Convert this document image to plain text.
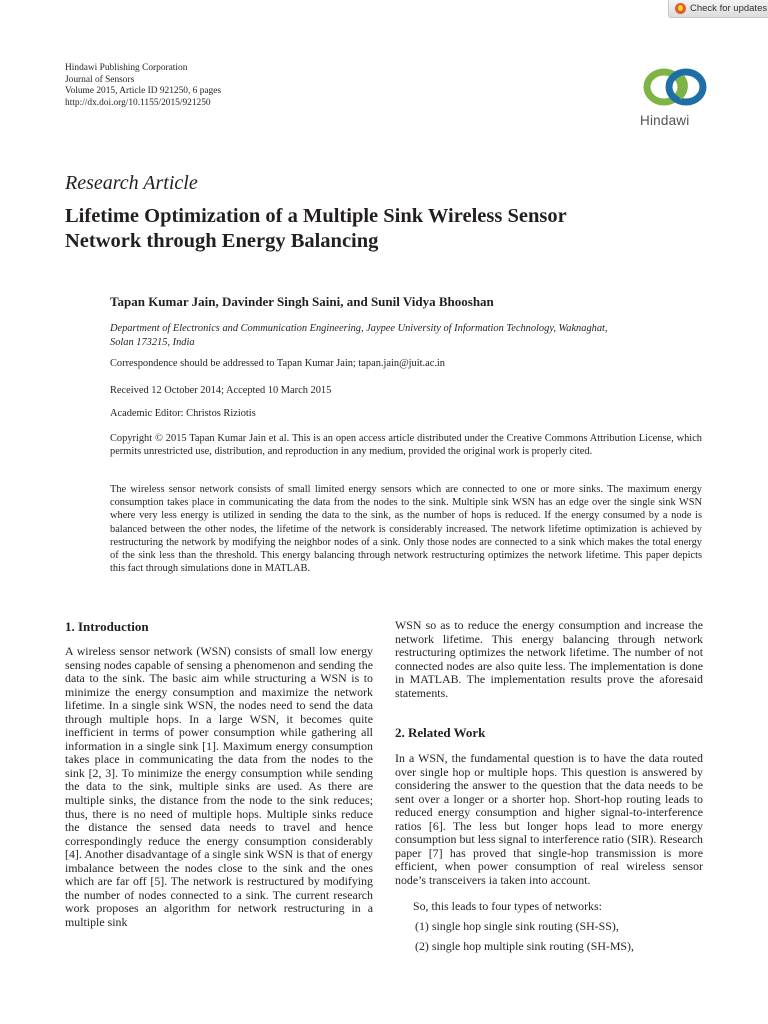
Check for updates
Hindawi Publishing Corporation
Journal of Sensors
Volume 2015, Article ID 921250, 6 pages
http://dx.doi.org/10.1155/2015/921250
Hindawi
Research Article
Lifetime Optimization of a Multiple Sink Wireless Sensor
Network through Energy Balancing
Tapan Kumar Jain, Davinder Singh Saini, and Sunil Vidya Bhooshan
Department of Electronics and Communication Engineering, Jaypee University of Information Technology, Waknaghat,
Solan 173215, India
Correspondence should be addressed to Tapan Kumar Jain; tapan.jain@juit.ac.in
Received 12 October 2014; Accepted 10 March 2015
Academic Editor: Christos Riziotis
Copyright © 2015 Tapan Kumar Jain et al. This is an open access article distributed under the Creative Commons Attribution License, which permits unrestricted use, distribution, and reproduction in any medium, provided the original work is properly cited.
The wireless sensor network consists of small limited energy sensors which are connected to one or more sinks. The maximum energy consumption takes place in communicating the data from the nodes to the sink. Multiple sink WSN has an edge over the single sink WSN where very less energy is utilized in sending the data to the sink, as the number of hops is reduced. If the energy consumed by a node is balanced between the other nodes, the lifetime of the network is considerably increased. The network lifetime optimization is achieved by restructuring the network by modifying the neighbor nodes of a sink. Only those nodes are connected to a sink which makes the total energy of the sink less than the threshold. This energy balancing through network restructuring optimizes the network lifetime. This paper depicts this fact through simulations done in MATLAB.
1. Introduction
A wireless sensor network (WSN) consists of small low energy sensing nodes capable of sensing a phenomenon and sending the data to the sink. The basic aim while structuring a WSN is to minimize the energy consumption and maximize the network lifetime. In a single sink WSN, the nodes need to send the data through multiple hops. In a large WSN, it becomes quite inefficient in terms of power consumption while gathering all information in a single sink [1]. Maximum energy consumption takes place in communicating the data from the nodes to the sink [2, 3]. To minimize the energy consumption while sending the data to the sink, multiple sinks are used. As there are multiple sinks, the distance from the node to the sink reduces; thus, there is no need of multiple hops. Multiple sinks reduce the distance the sensed data needs to travel and hence correspondingly reduce the energy consumption considerably [4]. Another disadvantage of a single sink WSN is that of energy imbalance between the nodes close to the sink and the ones which are far off [5]. The network is restructured by modifying the number of nodes connected to a sink. The current research work proposes an algorithm for network restructuring in a multiple sink
WSN so as to reduce the energy consumption and increase the network lifetime. This energy balancing through network restructuring optimizes the network lifetime. The number of not connected nodes are also quite less. The implementation is done in MATLAB. The implementation results prove the aforesaid statements.
2. Related Work
In a WSN, the fundamental question is to have the data routed over single hop or multiple hops. This question is answered by considering the answer to the question that the data needs to be sent over a longer or a shorter hop. Short-hop routing leads to reduced energy consumption and higher signal-to-interference ratios [6]. The less but longer hops lead to more energy consumption but less signal to interference ratio (SIR). Research paper [7] has proved that single-hop transmission is more efficient, when power consumption of real wireless sensor node’s transceivers ia taken into account.
So, this leads to four types of networks:
(1) single hop single sink routing (SH-SS),
(2) single hop multiple sink routing (SH-MS),
